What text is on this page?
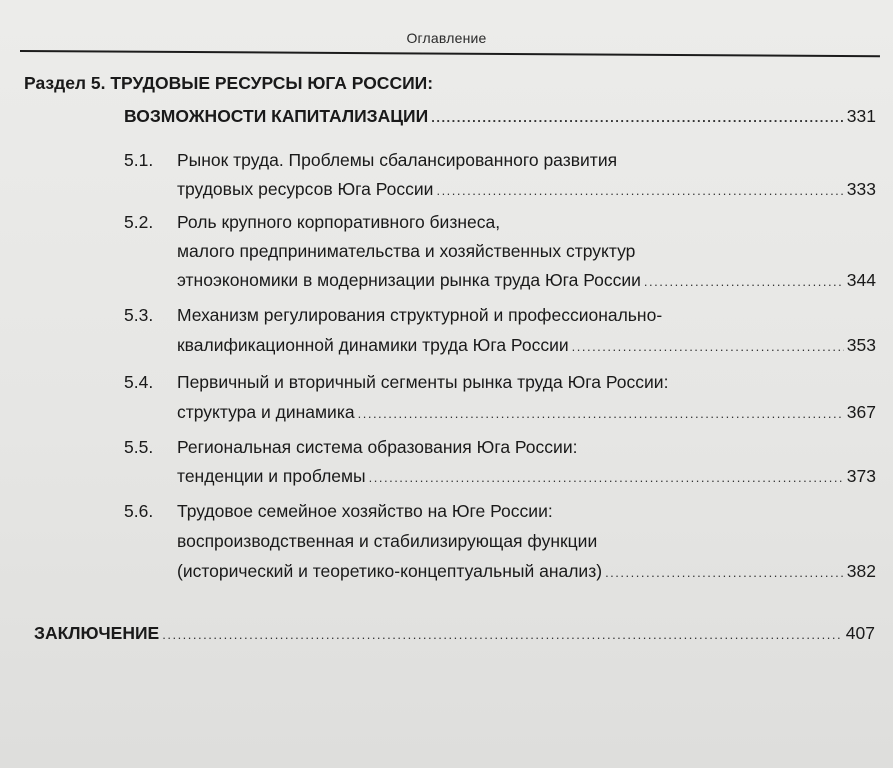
Оглавление
Раздел 5. ТРУДОВЫЕ РЕСУРСЫ ЮГА РОССИИ:
ВОЗМОЖНОСТИ КАПИТАЛИЗАЦИИ .....	331
5.1. Рынок труда. Проблемы сбалансированного развития
трудовых ресурсов Юга России .....	333
5.2. Роль крупного корпоративного бизнеса,
малого предпринимательства и хозяйственных структур
этноэкономики в модернизации рынка труда Юга России .....	344
5.3. Механизм регулирования структурной и профессионально-
квалификационной динамики труда Юга России .....	353
5.4. Первичный и вторичный сегменты рынка труда Юга России:
структура и динамика .....	367
5.5. Региональная система образования Юга России:
тенденции и проблемы .....	373
5.6. Трудовое семейное хозяйство на Юге России:
воспроизводственная и стабилизирующая функции
(исторический и теоретико-концептуальный анализ) .....	382
ЗАКЛЮЧЕНИЕ .....	407
